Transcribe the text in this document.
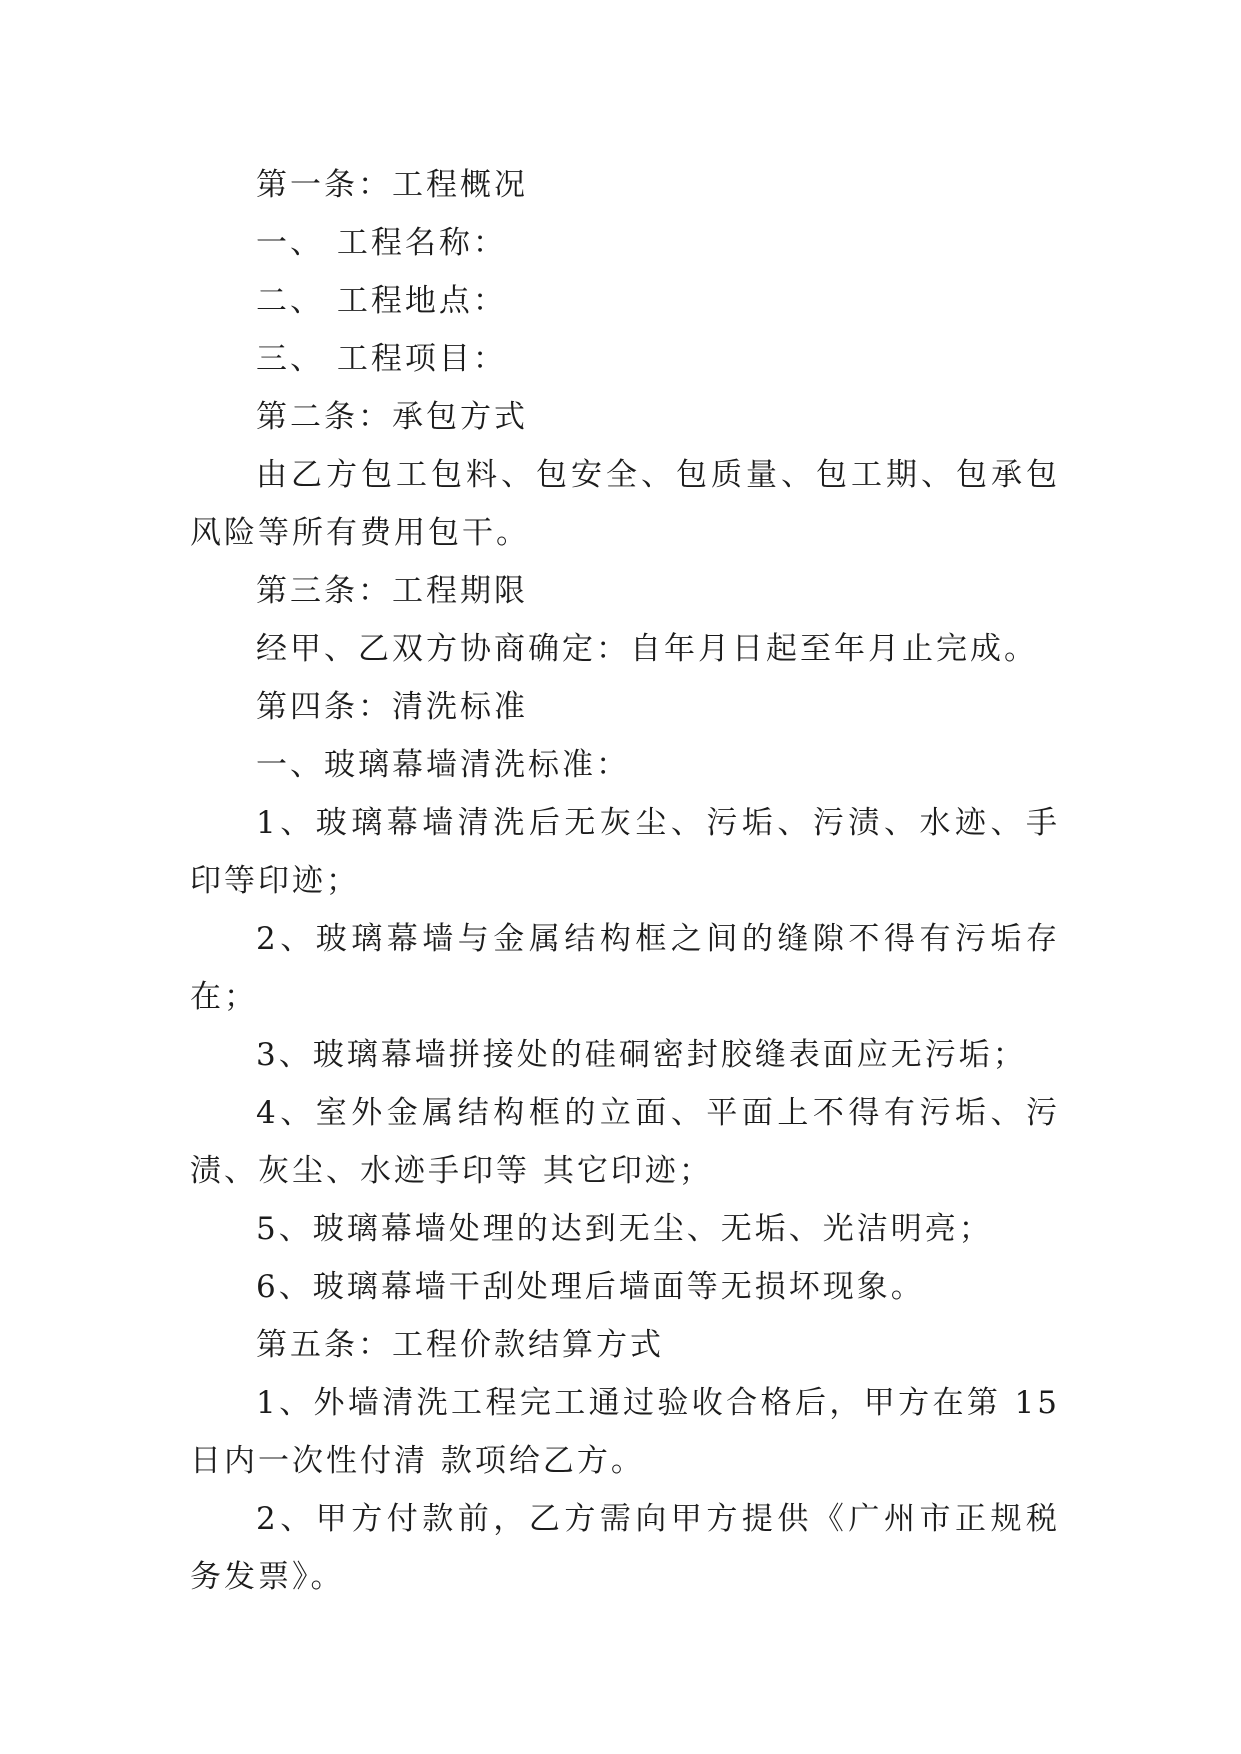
第一条：工程概况

一、 工程名称：

二、 工程地点：

三、 工程项目：

第二条：承包方式

由乙方包工包料、包安全、包质量、包工期、包承包风险等所有费用包干。

第三条：工程期限

经甲、乙双方协商确定：自年月日起至年月止完成。

第四条：清洗标准

一、玻璃幕墙清洗标准：

1、玻璃幕墙清洗后无灰尘、污垢、污渍、水迹、手印等印迹；

2、玻璃幕墙与金属结构框之间的缝隙不得有污垢存在；

3、玻璃幕墙拼接处的硅硐密封胶缝表面应无污垢；

4、室外金属结构框的立面、平面上不得有污垢、污渍、灰尘、水迹手印等 其它印迹；

5、玻璃幕墙处理的达到无尘、无垢、光洁明亮；

6、玻璃幕墙干刮处理后墙面等无损坏现象。

第五条：工程价款结算方式

1、外墙清洗工程完工通过验收合格后，甲方在第 15 日内一次性付清 款项给乙方。

2、甲方付款前，乙方需向甲方提供《广州市正规税务发票》。
